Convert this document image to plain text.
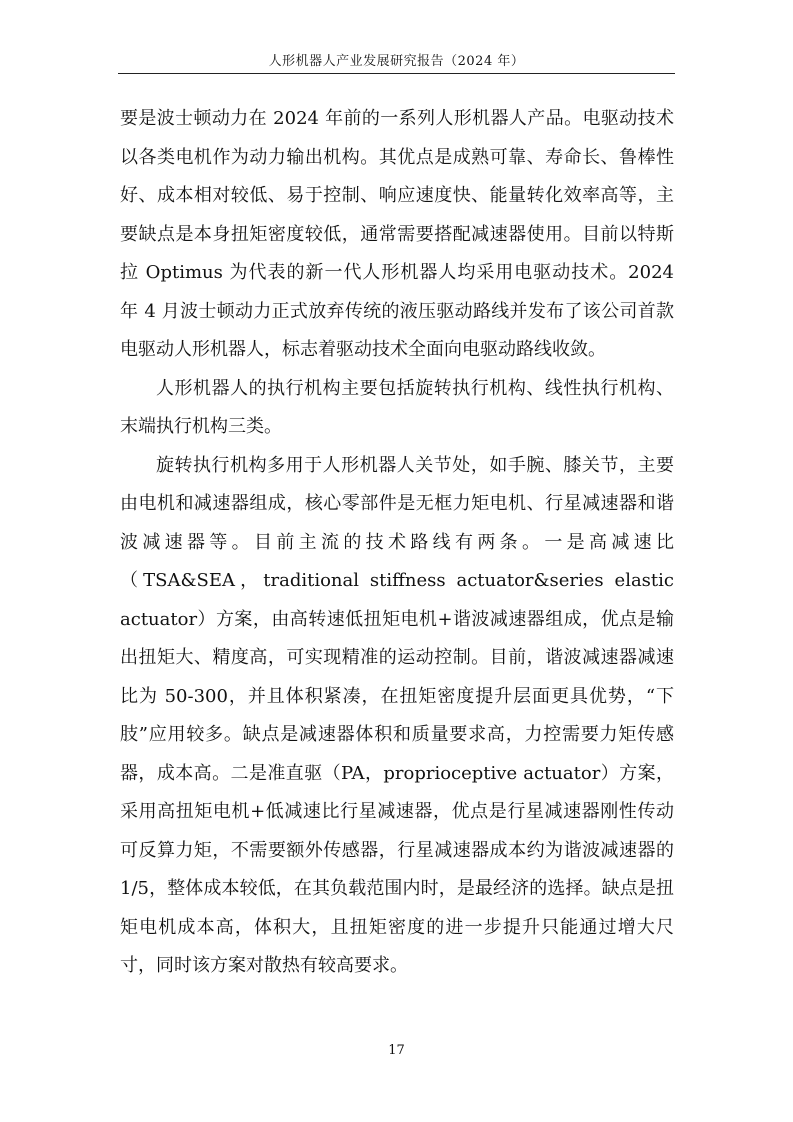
人形机器人产业发展研究报告（2024 年）

要是波士顿动力在 2024 年前的一系列人形机器人产品。电驱动技术以各类电机作为动力输出机构。其优点是成熟可靠、寿命长、鲁棒性好、成本相对较低、易于控制、响应速度快、能量转化效率高等，主要缺点是本身扭矩密度较低，通常需要搭配减速器使用。目前以特斯拉 Optimus 为代表的新一代人形机器人均采用电驱动技术。2024 年 4 月波士顿动力正式放弃传统的液压驱动路线并发布了该公司首款电驱动人形机器人，标志着驱动技术全面向电驱动路线收敛。

人形机器人的执行机构主要包括旋转执行机构、线性执行机构、末端执行机构三类。

旋转执行机构多用于人形机器人关节处，如手腕、膝关节，主要由电机和减速器组成，核心零部件是无框力矩电机、行星减速器和谐波减速器等。目前主流的技术路线有两条。一是高减速比（TSA&SEA，traditional stiffness actuator&series elastic actuator）方案，由高转速低扭矩电机+谐波减速器组成，优点是输出扭矩大、精度高，可实现精准的运动控制。目前，谐波减速器减速比为 50-300，并且体积紧凑，在扭矩密度提升层面更具优势，“下肢”应用较多。缺点是减速器体积和质量要求高，力控需要力矩传感器，成本高。二是准直驱（PA，proprioceptive actuator）方案，采用高扭矩电机+低减速比行星减速器，优点是行星减速器刚性传动可反算力矩，不需要额外传感器，行星减速器成本约为谐波减速器的 1/5，整体成本较低，在其负载范围内时，是最经济的选择。缺点是扭矩电机成本高，体积大，且扭矩密度的进一步提升只能通过增大尺寸，同时该方案对散热有较高要求。

17
